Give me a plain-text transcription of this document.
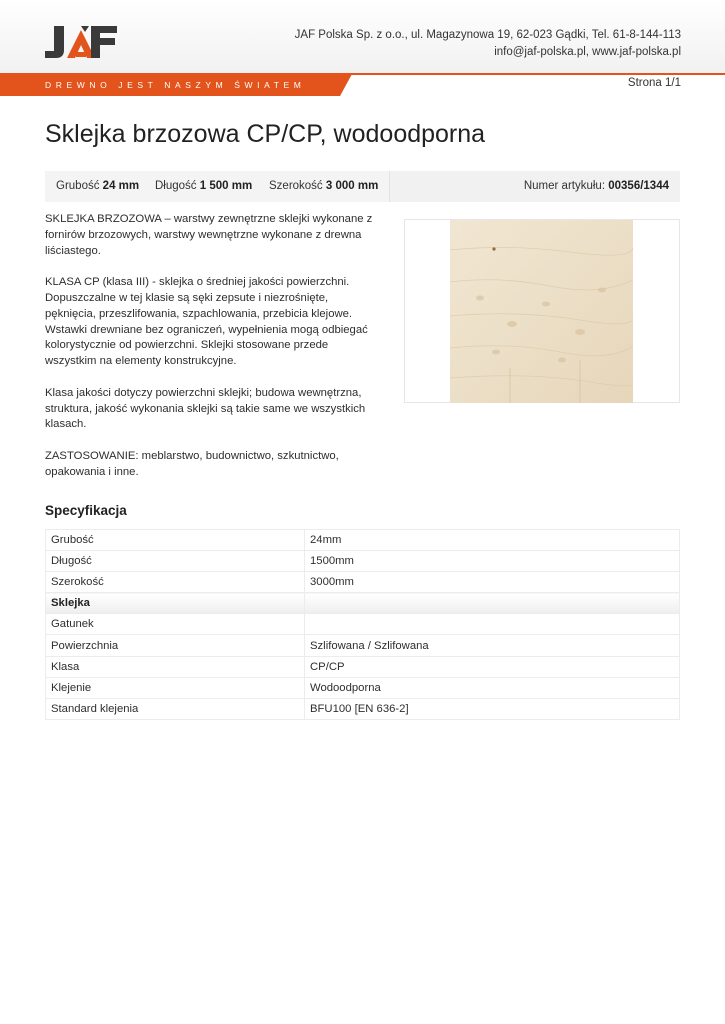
JAF Polska Sp. z o.o., ul. Magazynowa 19, 62-023 Gądki, Tel. 61-8-144-113
info@jaf-polska.pl, www.jaf-polska.pl
DREWNO JEST NASZYM ŚWIATEM	Strona 1/1
Sklejka brzozowa CP/CP, wodoodporna
Grubość 24 mm	Długość 1 500 mm	Szerokość 3 000 mm	Numer artykułu: 00356/1344

SKLEJKA BRZOZOWA – warstwy zewnętrzne sklejki wykonane z fornirów brzozowych, warstwy wewnętrzne wykonane z drewna liściastego.

KLASA CP (klasa III) - sklejka o średniej jakości powierzchni. Dopuszczalne w tej klasie są sęki zepsute i niezrośnięte, pęknięcia, przeszlifowania, szpachlowania, przebicia klejowe. Wstawki drewniane bez ograniczeń, wypełnienia mogą odbiegać kolorystycznie od powierzchni. Sklejki stosowane przede wszystkim na elementy konstrukcyjne.

Klasa jakości dotyczy powierzchni sklejki; budowa wewnętrzna, struktura, jakość wykonania sklejki są takie same we wszystkich klasach.

ZASTOSOWANIE: meblarstwo, budownictwo, szkutnictwo, opakowania i inne.

Specyfikacja
Grubość	24mm
Długość	1500mm
Szerokość	3000mm
Sklejka	
Gatunek	
Powierzchnia	Szlifowana / Szlifowana
Klasa	CP/CP
Klejenie	Wodoodporna
Standard klejenia	BFU100 [EN 636-2]
